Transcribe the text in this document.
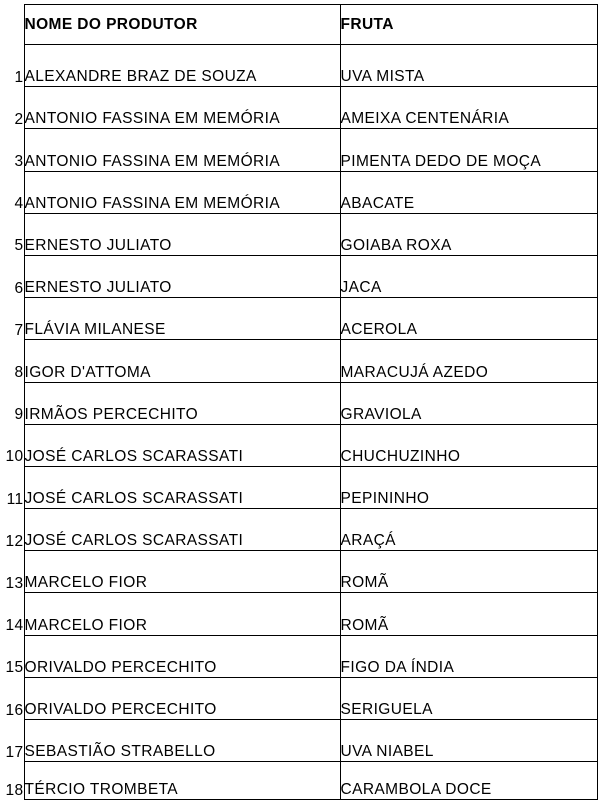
	NOME DO PRODUTOR	FRUTA
1	ALEXANDRE BRAZ DE SOUZA	UVA MISTA
2	ANTONIO FASSINA EM MEMÓRIA	AMEIXA CENTENÁRIA
3	ANTONIO FASSINA EM MEMÓRIA	PIMENTA DEDO DE MOÇA
4	ANTONIO FASSINA EM MEMÓRIA	ABACATE
5	ERNESTO JULIATO	GOIABA ROXA
6	ERNESTO JULIATO	JACA
7	FLÁVIA MILANESE	ACEROLA
8	IGOR D'ATTOMA	MARACUJÁ AZEDO
9	IRMÃOS PERCECHITO	GRAVIOLA
10	JOSÉ CARLOS SCARASSATI	CHUCHUZINHO
11	JOSÉ CARLOS SCARASSATI	PEPININHO
12	JOSÉ CARLOS SCARASSATI	ARAÇÁ
13	MARCELO FIOR	ROMÃ
14	MARCELO FIOR	ROMÃ
15	ORIVALDO PERCECHITO	FIGO DA ÍNDIA
16	ORIVALDO PERCECHITO	SERIGUELA
17	SEBASTIÃO STRABELLO	UVA NIABEL
18	TÉRCIO TROMBETA	CARAMBOLA DOCE
